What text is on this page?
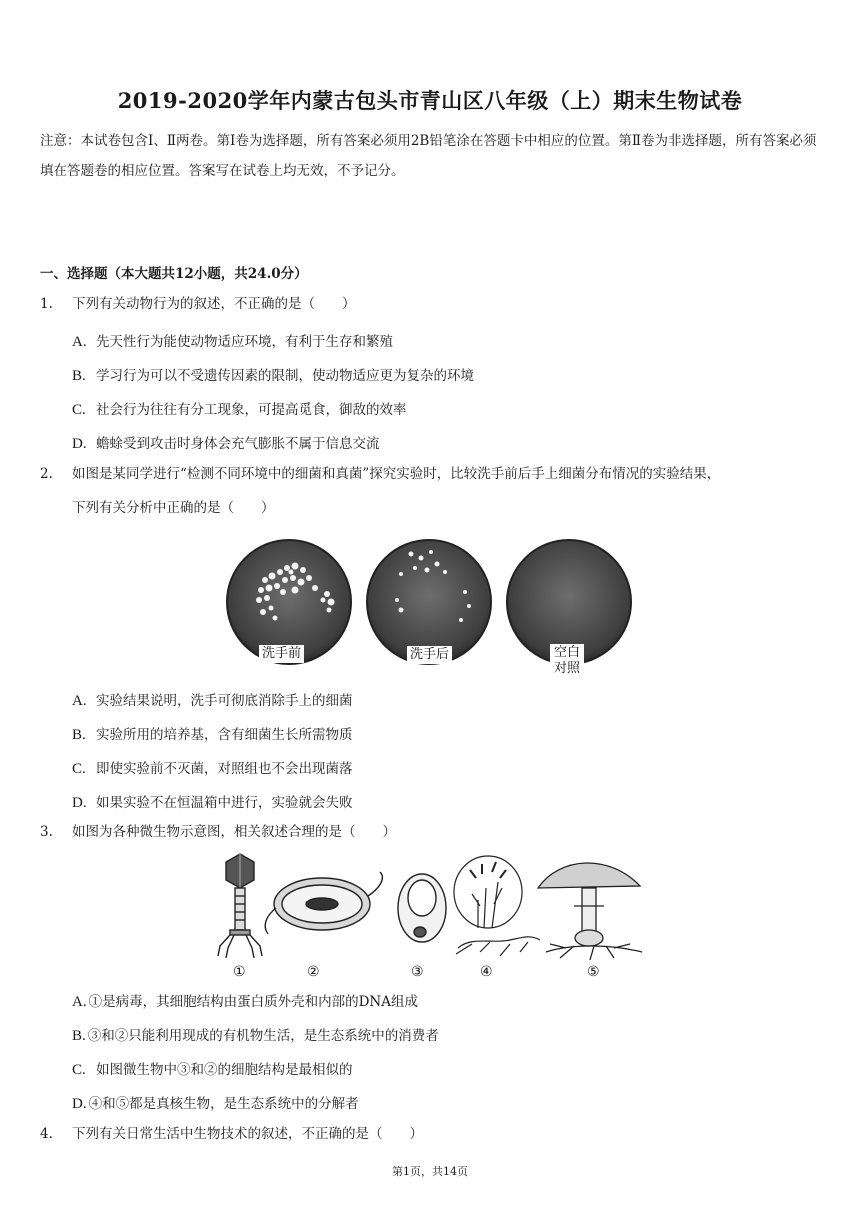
2019-2020学年内蒙古包头市青山区八年级（上）期末生物试卷
注意：本试卷包含Ⅰ、Ⅱ两卷。第Ⅰ卷为选择题，所有答案必须用2B铅笔涂在答题卡中相应的位置。第Ⅱ卷为非选择题，所有答案必须填在答题卷的相应位置。答案写在试卷上均无效，不予记分。
一、选择题（本大题共12小题，共24.0分）
1. 下列有关动物行为的叙述，不正确的是（　　）
A. 先天性行为能使动物适应环境，有利于生存和繁殖
B. 学习行为可以不受遗传因素的限制，使动物适应更为复杂的环境
C. 社会行为往往有分工现象，可提高觅食，御敌的效率
D. 蟾蜍受到攻击时身体会充气膨胀不属于信息交流
2. 如图是某同学进行“检测不同环境中的细菌和真菌”探究实验时，比较洗手前后手上细菌分布情况的实验结果，
下列有关分析中正确的是（　　）
洗手前	洗手后	空白
对照
A. 实验结果说明，洗手可彻底消除手上的细菌
B. 实验所用的培养基，含有细菌生长所需物质
C. 即使实验前不灭菌，对照组也不会出现菌落
D. 如果实验不在恒温箱中进行，实验就会失败
3. 如图为各种微生物示意图，相关叙述合理的是（　　）
①	②	③	④	⑤
A. ①是病毒，其细胞结构由蛋白质外壳和内部的DNA组成
B. ③和②只能利用现成的有机物生活，是生态系统中的消费者
C. 如图微生物中③和②的细胞结构是最相似的
D. ④和⑤都是真核生物，是生态系统中的分解者
4. 下列有关日常生活中生物技术的叙述，不正确的是（　　）
第1页，共14页
